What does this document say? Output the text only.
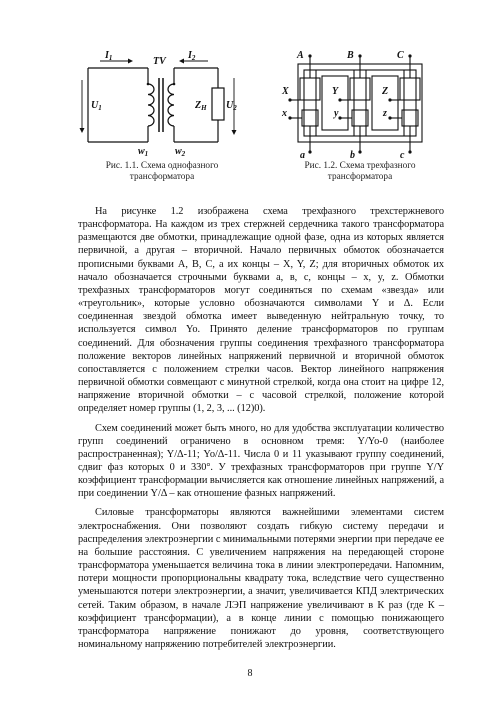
$I_1$	TV
$I_2$
$U_1$	$Z_Н$ $U_2$
$w_1$	$w_2$
Рис. 1.1. Схема однофазного
трансформатора
A	B	C
X	Y	Z
x	y	z
a	b	c
Рис. 1.2. Схема трехфазного
трансформатора

На рисунке 1.2 изображена схема трехфазного трехстержневого трансформатора. На каждом из трех стержней сердечника такого трансформатора размещаются две обмотки, принадлежащие одной фазе, одна из которых является первичной, а другая – вторичной. Начало первичных обмоток обозначается прописными буквами A, B, C, а их концы – X, Y, Z; для вторичных обмоток их начало обозначается строчными буквами a, в, c, концы – x, y, z. Обмотки трехфазных трансформаторов могут соединяться по схемам «звезда» или «треугольник», которые условно обозначаются символами Y и Δ. Если соединенная звездой обмотка имеет выведенную нейтральную точку, то используется символ Yo. Принято деление трансформаторов по группам соединений. Для обозначения группы соединения трехфазного трансформатора положение векторов линейных напряжений первичной и вторичной обмоток сопоставляется с положением стрелки часов. Вектор линейного напряжения первичной обмотки совмещают с минутной стрелкой, когда она стоит на цифре 12, напряжение вторичной обмотки – с часовой стрелкой, положение которой определяет номер группы (1, 2, 3, ... (12)0).

Схем соединений может быть много, но для удобства эксплуатации количество групп соединений ограничено в основном тремя: Y/Yo-0 (наиболее распространенная); Y/Δ-11; Yo/Δ-11. Числа 0 и 11 указывают группу соединений, сдвиг фаз которых 0 и 330°. У трехфазных трансформаторов при группе Y/Y коэффициент трансформации вычисляется как отношение линейных напряжений, а при соединении Y/Δ – как отношение фазных напряжений.

Силовые трансформаторы являются важнейшими элементами систем электроснабжения. Они позволяют создать гибкую систему передачи и распределения электроэнергии с минимальными потерями энергии при передаче ее на большие расстояния. С увеличением напряжения на передающей стороне трансформатора уменьшается величина тока в линии электропередачи. Напомним, потери мощности пропорциональны квадрату тока, вследствие чего существенно уменьшаются потери электроэнергии, а значит, увеличивается КПД электрических сетей. Таким образом, в начале ЛЭП напряжение увеличивают в К раз (где К – коэффициент трансформации), а в конце линии с помощью понижающего трансформатора напряжение понижают до уровня, соответствующего номинальному напряжению потребителей электроэнергии.

8
